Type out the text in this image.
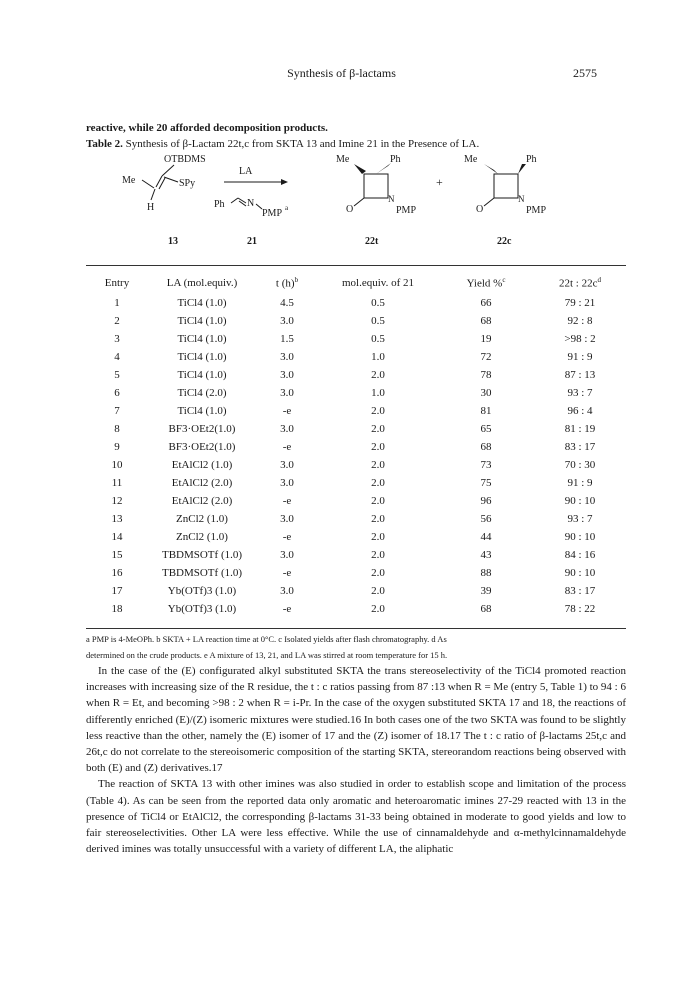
Synthesis of β-lactams	2575
reactive, while 20 afforded decomposition products.
Table 2. Synthesis of β-Lactam 22t,c from SKTA 13 and Imine 21 in the Presence of LA.
OTBDMS
Me	SPy
H
LA
Ph N
PMP a
Me	Ph
O
N
PMP
+
Me	Ph
O
N
PMP
13	21	22t	22c
Entry	LA (mol.equiv.)	t $(h)^b$	mol.equiv. of 21	Yield %$^c$	22t : $22c^d$
1	TiCl4 (1.0)	4.5	0.5	66	79 : 21
2	TiCl4 (1.0)	3.0	0.5	68	92 : 8
3	TiCl4 (1.0)	1.5	0.5	19	>98 : 2
4	TiCl4 (1.0)	3.0	1.0	72	91 : 9
5	TiCl4 (1.0)	3.0	2.0	78	87 : 13
6	TiCl4 (2.0)	3.0	1.0	30	93 : 7
7	TiCl4 (1.0)	-e	2.0	81	96 : 4
8	BF3·OEt2(1.0)	3.0	2.0	65	81 : 19
9	BF3·OEt2(1.0)	-e	2.0	68	83 : 17
10	EtAlCl2 (1.0)	3.0	2.0	73	70 : 30
11	EtAlCl2 (2.0)	3.0	2.0	75	91 : 9
12	EtAlCl2 (2.0)	-e	2.0	96	90 : 10
13	ZnCl2 (1.0)	3.0	2.0	56	93 : 7
14	ZnCl2 (1.0)	-e	2.0	44	90 : 10
15	TBDMSOTf (1.0)	3.0	2.0	43	84 : 16
16	TBDMSOTf (1.0)	-e	2.0	88	90 : 10
17	Yb(OTf)3 (1.0)	3.0	2.0	39	83 : 17
18	Yb(OTf)3 (1.0)	-e	2.0	68	78 : 22
a PMP is 4-MeOPh. b SKTA + LA reaction time at 0°C. c Isolated yields after flash chromatography. d As
determined on the crude products. e A mixture of 13, 21, and LA was stirred at room temperature for 15 h.

In the case of the (E) configurated alkyl substituted SKTA the trans stereoselectivity of the TiCl4 promoted reaction increases with increasing size of the R residue, the t : c ratios passing from 87 :13 when R = Me (entry 5, Table 1) to 94 : 6 when R = Et, and becoming >98 : 2 when R = i-Pr. In the case of the oxygen substituted SKTA 17 and 18, the reactions of differently enriched (E)/(Z) isomeric mixtures were studied.16 In both cases one of the two SKTA was found to be slightly less reactive than the other, namely the (E) isomer of 17 and the (Z) isomer of 18.17 The t : c ratio of β-lactams 25t,c and 26t,c do not correlate to the stereoisomeric composition of the starting SKTA, stereorandom reactions being observed with both (E) and (Z) derivatives.17

The reaction of SKTA 13 with other imines was also studied in order to establish scope and limitation of the process (Table 4). As can be seen from the reported data only aromatic and heteroaromatic imines 27-29 reacted with 13 in the presence of TiCl4 or EtAlCl2, the corresponding β-lactams 31-33 being obtained in moderate to good yields and low to fair stereoselectivities. Other LA were less effective. While the use of cinnamaldehyde and α-methylcinnamaldehyde derived imines was totally unsuccessful with a variety of different LA, the aliphatic
